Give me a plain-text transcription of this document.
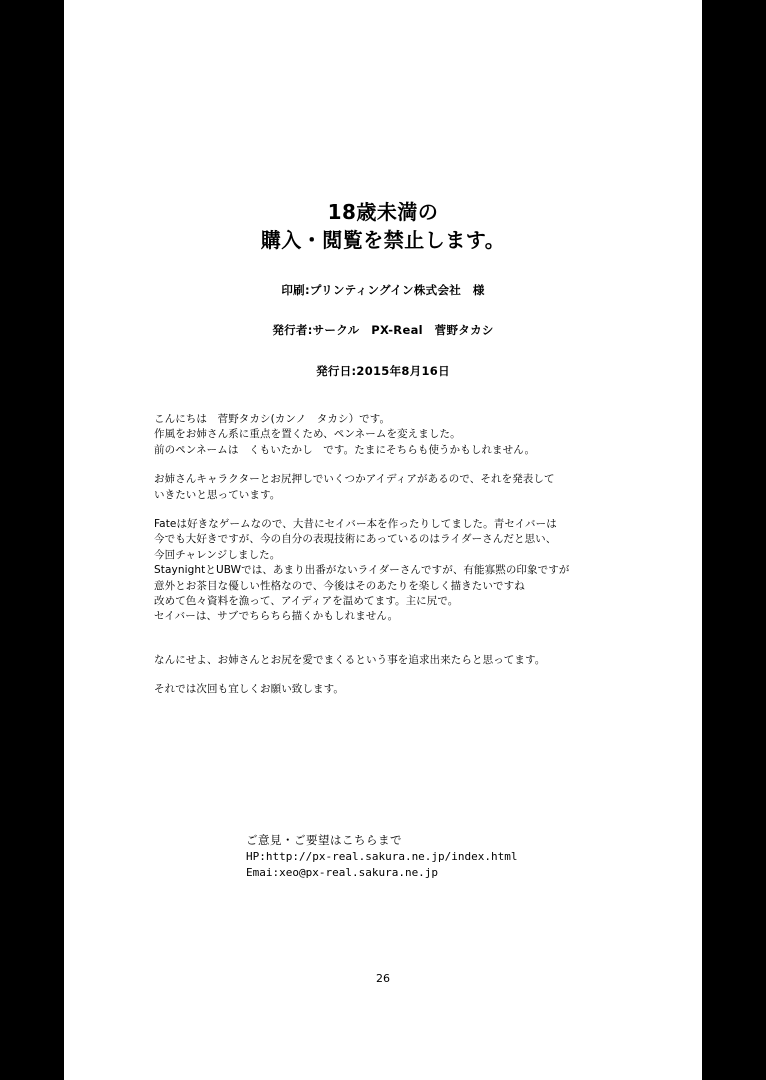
18歳未満の
購入・閲覧を禁止します。
印刷:プリンティングイン株式会社　様
発行者:サークル　PX-Real　菅野タカシ
発行日:2015年8月16日
こんにちは　菅野タカシ(カンノ　タカシ）です。
作風をお姉さん系に重点を置くため、ペンネームを変えました。
前のペンネームは　くもいたかし　です。たまにそちらも使うかもしれません。
お姉さんキャラクターとお尻押しでいくつかアイディアがあるので、それを発表して
いきたいと思っています。
Fateは好きなゲームなので、大昔にセイバー本を作ったりしてました。青セイバーは
今でも大好きですが、今の自分の表現技術にあっているのはライダーさんだと思い、
今回チャレンジしました。
StaynightとUBWでは、あまり出番がないライダーさんですが、有能寡黙の印象ですが
意外とお茶目な優しい性格なので、今後はそのあたりを楽しく描きたいですね
改めて色々資料を漁って、アイディアを温めてます。主に尻で。
セイバーは、サブでちらちら描くかもしれません。
なんにせよ、お姉さんとお尻を愛でまくるという事を追求出来たらと思ってます。
それでは次回も宜しくお願い致します。
ご意見・ご要望はこちらまで
HP:http://px-real.sakura.ne.jp/index.html
Emai:xeo@px-real.sakura.ne.jp
26
